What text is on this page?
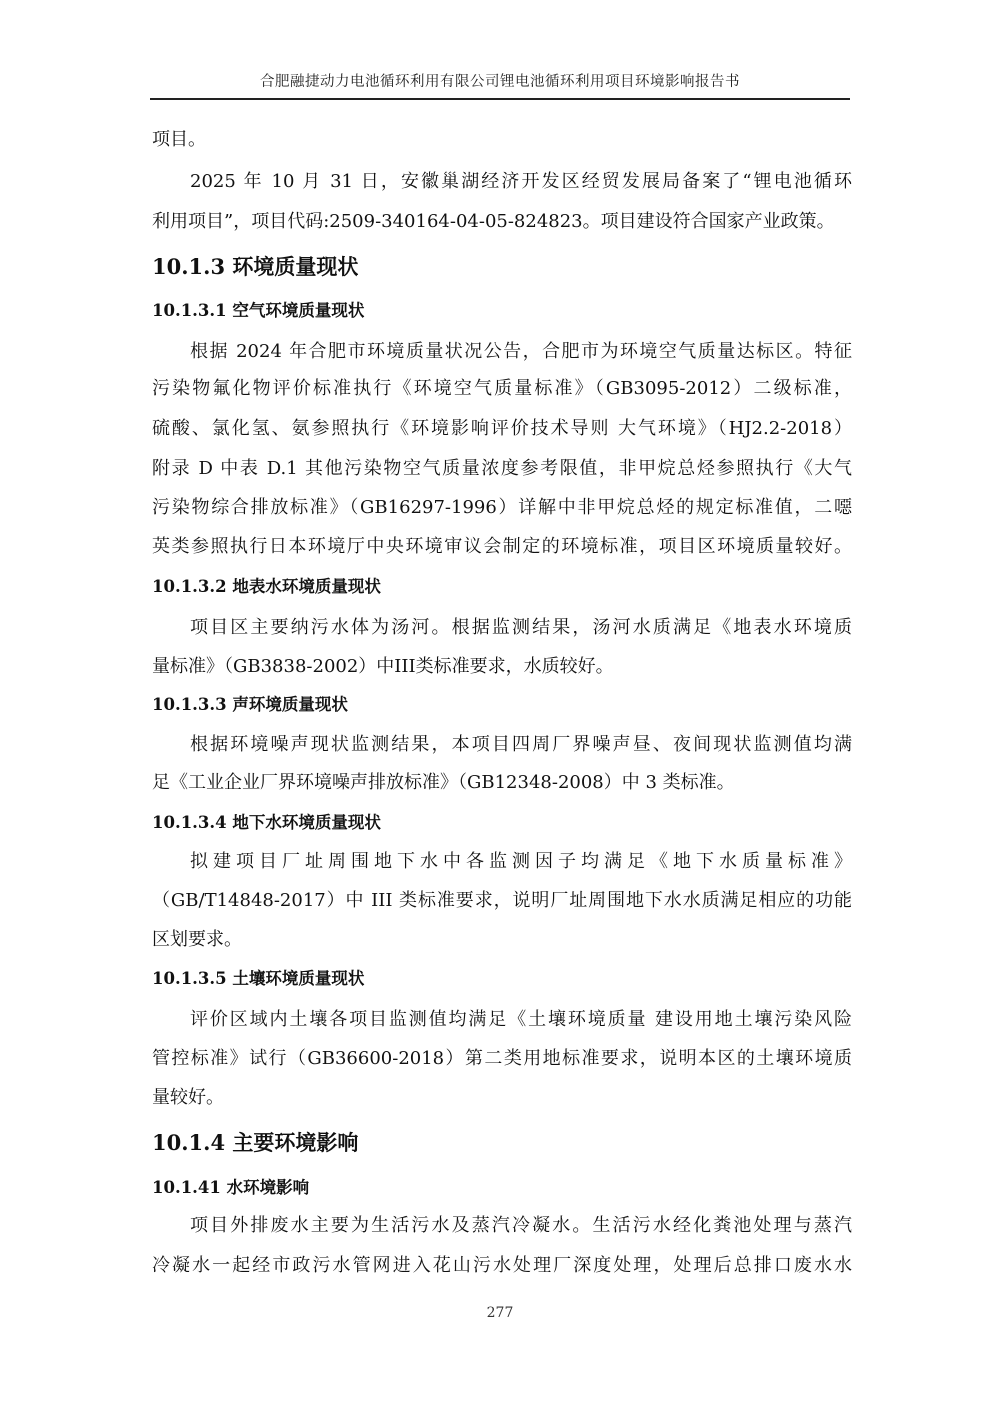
合肥融捷动力电池循环利用有限公司锂电池循环利用项目环境影响报告书
项目。
2025 年 10 月 31 日，安徽巢湖经济开发区经贸发展局备案了“锂电池循环
利用项目”，项目代码:2509-340164-04-05-824823。项目建设符合国家产业政策。
10.1.3 环境质量现状
10.1.3.1 空气环境质量现状
根据 2024 年合肥市环境质量状况公告，合肥市为环境空气质量达标区。特征
污染物氟化物评价标准执行《环境空气质量标准》（GB3095-2012）二级标准，
硫酸、氯化氢、氨参照执行《环境影响评价技术导则 大气环境》（HJ2.2-2018）
附录 D 中表 D.1 其他污染物空气质量浓度参考限值，非甲烷总烃参照执行《大气
污染物综合排放标准》（GB16297-1996）详解中非甲烷总烃的规定标准值，二噁
英类参照执行日本环境厅中央环境审议会制定的环境标准，项目区环境质量较好。
10.1.3.2 地表水环境质量现状
项目区主要纳污水体为汤河。根据监测结果，汤河水质满足《地表水环境质
量标准》（GB3838-2002）中III类标准要求，水质较好。
10.1.3.3 声环境质量现状
根据环境噪声现状监测结果，本项目四周厂界噪声昼、夜间现状监测值均满
足《工业企业厂界环境噪声排放标准》（GB12348-2008）中 3 类标准。
10.1.3.4 地下水环境质量现状
拟建项目厂址周围地下水中各监测因子均满足《地下水质量标准》
（GB/T14848-2017）中 III 类标准要求，说明厂址周围地下水水质满足相应的功能
区划要求。
10.1.3.5 土壤环境质量现状
评价区域内土壤各项目监测值均满足《土壤环境质量 建设用地土壤污染风险
管控标准》试行（GB36600-2018）第二类用地标准要求，说明本区的土壤环境质
量较好。
10.1.4 主要环境影响
10.1.41 水环境影响
项目外排废水主要为生活污水及蒸汽冷凝水。生活污水经化粪池处理与蒸汽
冷凝水一起经市政污水管网进入花山污水处理厂深度处理，处理后总排口废水水
277
